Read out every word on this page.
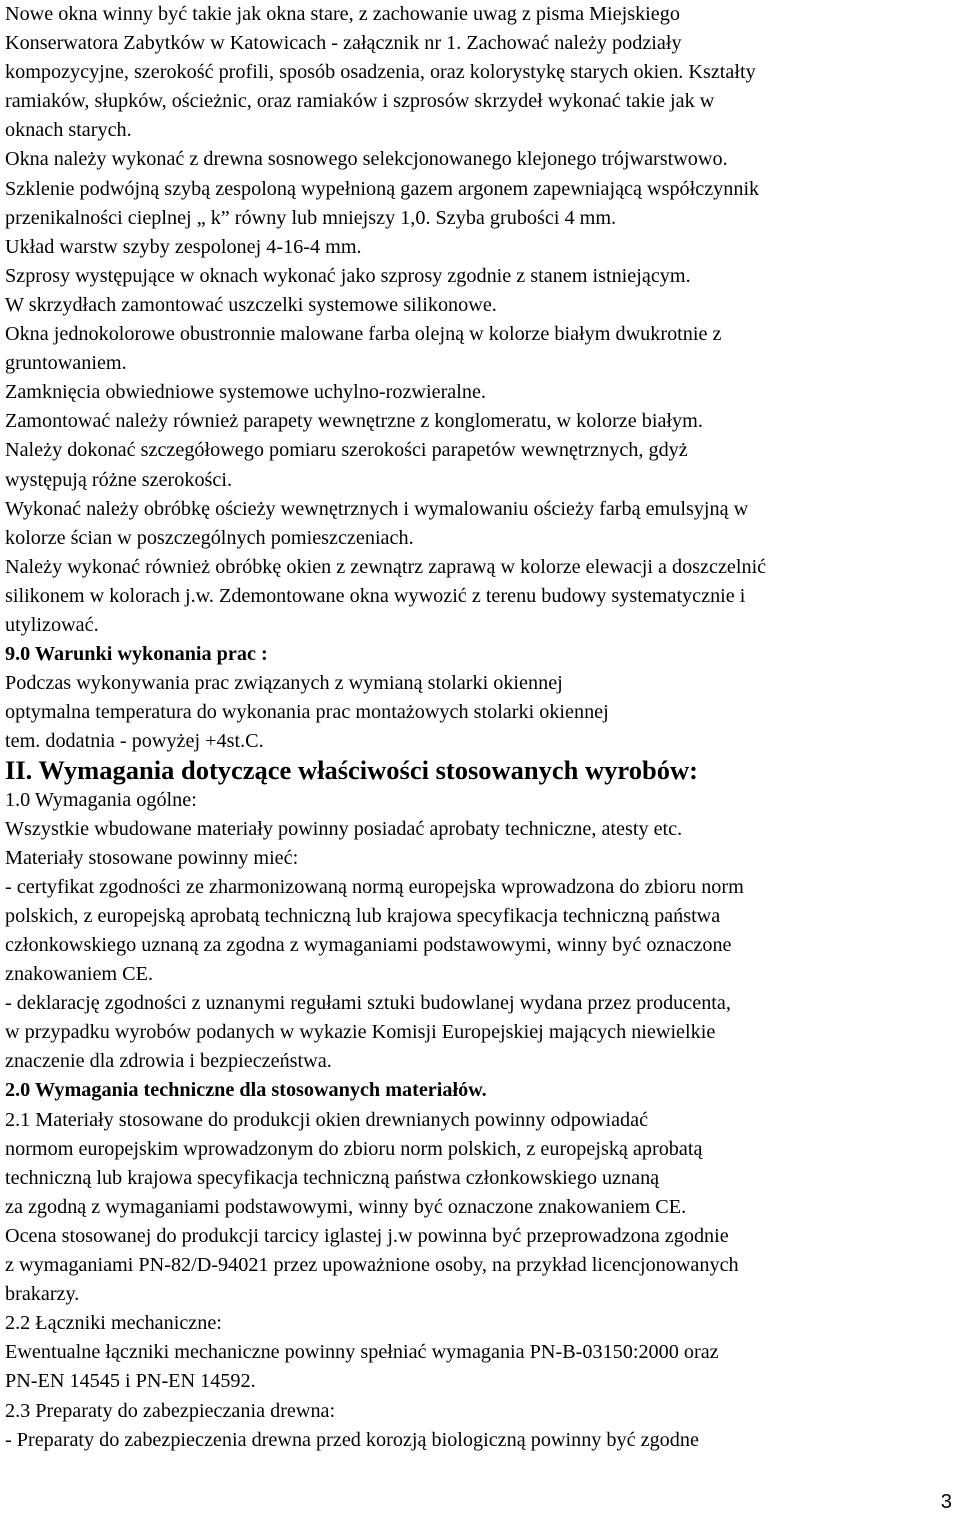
Nowe okna winny być takie jak okna stare, z zachowanie uwag z pisma Miejskiego
Konserwatora Zabytków w Katowicach - załącznik nr 1. Zachować należy podziały
kompozycyjne, szerokość profili, sposób osadzenia, oraz kolorystykę starych okien. Kształty
ramiaków, słupków, ościeżnic, oraz ramiaków i szprosów skrzydeł wykonać takie jak w
oknach starych.
Okna należy wykonać z drewna sosnowego selekcjonowanego klejonego trójwarstwowo.
Szklenie podwójną szybą zespoloną wypełnioną gazem argonem zapewniającą współczynnik
przenikalności cieplnej „ k” równy lub mniejszy 1,0. Szyba grubości 4 mm.
Układ warstw szyby zespolonej 4-16-4 mm.
Szprosy występujące w oknach wykonać jako szprosy zgodnie z stanem istniejącym.
W skrzydłach zamontować uszczelki systemowe silikonowe.
Okna jednokolorowe obustronnie malowane farba olejną w kolorze białym dwukrotnie z
gruntowaniem.
Zamknięcia obwiedniowe systemowe uchylno-rozwieralne.
Zamontować należy również parapety wewnętrzne z konglomeratu, w kolorze białym.
Należy dokonać szczegółowego pomiaru szerokości parapetów wewnętrznych, gdyż
występują różne szerokości.
Wykonać należy obróbkę ościeży wewnętrznych i wymalowaniu ościeży farbą emulsyjną w
kolorze ścian w poszczególnych pomieszczeniach.
Należy wykonać również obróbkę okien z zewnątrz zaprawą w kolorze elewacji a doszczelnić
silikonem w kolorach j.w. Zdemontowane okna wywozić z terenu budowy systematycznie i
utylizować.
9.0 Warunki wykonania prac :
Podczas wykonywania prac związanych z wymianą stolarki okiennej
optymalna temperatura do wykonania prac montażowych stolarki okiennej
tem. dodatnia - powyżej +4st.C.
II. Wymagania dotyczące właściwości stosowanych wyrobów:
1.0 Wymagania ogólne:
Wszystkie wbudowane materiały powinny posiadać aprobaty techniczne, atesty etc.
Materiały stosowane powinny mieć:
- certyfikat zgodności ze zharmonizowaną normą europejska wprowadzona do zbioru norm
polskich, z europejską aprobatą techniczną lub krajowa specyfikacja techniczną państwa
członkowskiego uznaną za zgodna z wymaganiami podstawowymi, winny być oznaczone
znakowaniem CE.
- deklarację zgodności z uznanymi regułami sztuki budowlanej wydana przez producenta,
w przypadku wyrobów podanych w wykazie Komisji Europejskiej mających niewielkie
znaczenie dla zdrowia i bezpieczeństwa.
2.0 Wymagania techniczne dla stosowanych materiałów.
2.1 Materiały stosowane do produkcji okien drewnianych powinny odpowiadać
normom europejskim wprowadzonym do zbioru norm polskich, z europejską aprobatą
techniczną lub krajowa specyfikacja techniczną państwa członkowskiego uznaną
za zgodną z wymaganiami podstawowymi, winny być oznaczone znakowaniem CE.
Ocena stosowanej do produkcji tarcicy iglastej j.w powinna być przeprowadzona zgodnie
z wymaganiami PN-82/D-94021 przez upoważnione osoby, na przykład licencjonowanych
brakarzy.
2.2 Łączniki mechaniczne:
Ewentualne łączniki mechaniczne powinny spełniać wymagania PN-B-03150:2000 oraz
PN-EN 14545 i PN-EN 14592.
2.3 Preparaty do zabezpieczania drewna:
- Preparaty do zabezpieczenia drewna przed korozją biologiczną powinny być zgodne
3
